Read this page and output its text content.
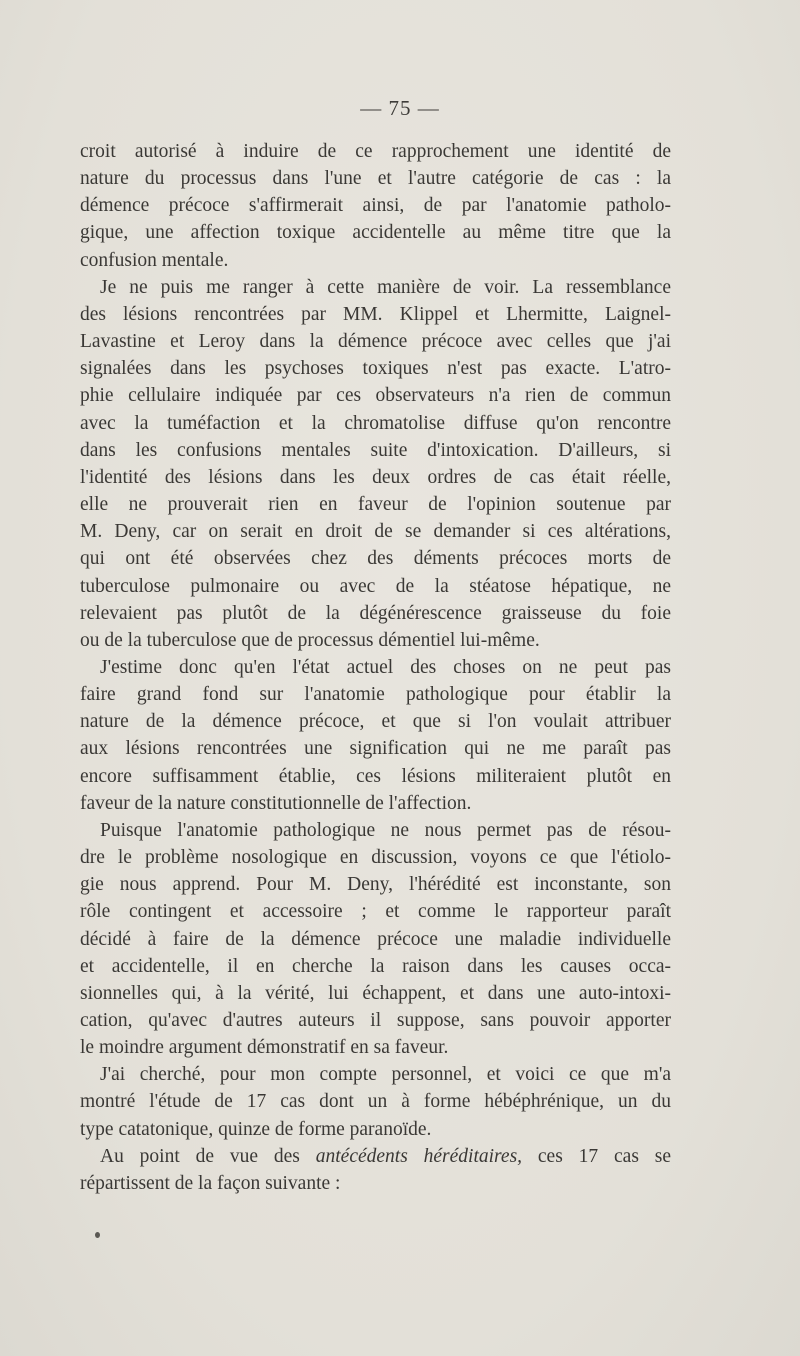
— 75 —

croit autorisé à induire de ce rapprochement une identité de
nature du processus dans l'une et l'autre catégorie de cas : la
démence précoce s'affirmerait ainsi, de par l'anatomie patholo-
gique, une affection toxique accidentelle au même titre que la
confusion mentale.

Je ne puis me ranger à cette manière de voir. La ressemblance
des lésions rencontrées par MM. Klippel et Lhermitte, Laignel-
Lavastine et Leroy dans la démence précoce avec celles que j'ai
signalées dans les psychoses toxiques n'est pas exacte. L'atro-
phie cellulaire indiquée par ces observateurs n'a rien de commun
avec la tuméfaction et la chromatolise diffuse qu'on rencontre
dans les confusions mentales suite d'intoxication. D'ailleurs, si
l'identité des lésions dans les deux ordres de cas était réelle,
elle ne prouverait rien en faveur de l'opinion soutenue par
M. Deny, car on serait en droit de se demander si ces altérations,
qui ont été observées chez des déments précoces morts de
tuberculose pulmonaire ou avec de la stéatose hépatique, ne
relevaient pas plutôt de la dégénérescence graisseuse du foie
ou de la tuberculose que de processus démentiel lui-même.

J'estime donc qu'en l'état actuel des choses on ne peut pas
faire grand fond sur l'anatomie pathologique pour établir la
nature de la démence précoce, et que si l'on voulait attribuer
aux lésions rencontrées une signification qui ne me paraît pas
encore suffisamment établie, ces lésions militeraient plutôt en
faveur de la nature constitutionnelle de l'affection.

Puisque l'anatomie pathologique ne nous permet pas de résou-
dre le problème nosologique en discussion, voyons ce que l'étiolo-
gie nous apprend. Pour M. Deny, l'hérédité est inconstante, son
rôle contingent et accessoire ; et comme le rapporteur paraît
décidé à faire de la démence précoce une maladie individuelle
et accidentelle, il en cherche la raison dans les causes occa-
sionnelles qui, à la vérité, lui échappent, et dans une auto-intoxi-
cation, qu'avec d'autres auteurs il suppose, sans pouvoir apporter
le moindre argument démonstratif en sa faveur.

J'ai cherché, pour mon compte personnel, et voici ce que m'a
montré l'étude de 17 cas dont un à forme hébéphrénique, un du
type catatonique, quinze de forme paranoïde.

Au point de vue des antécédents héréditaires, ces 17 cas se
répartissent de la façon suivante :
